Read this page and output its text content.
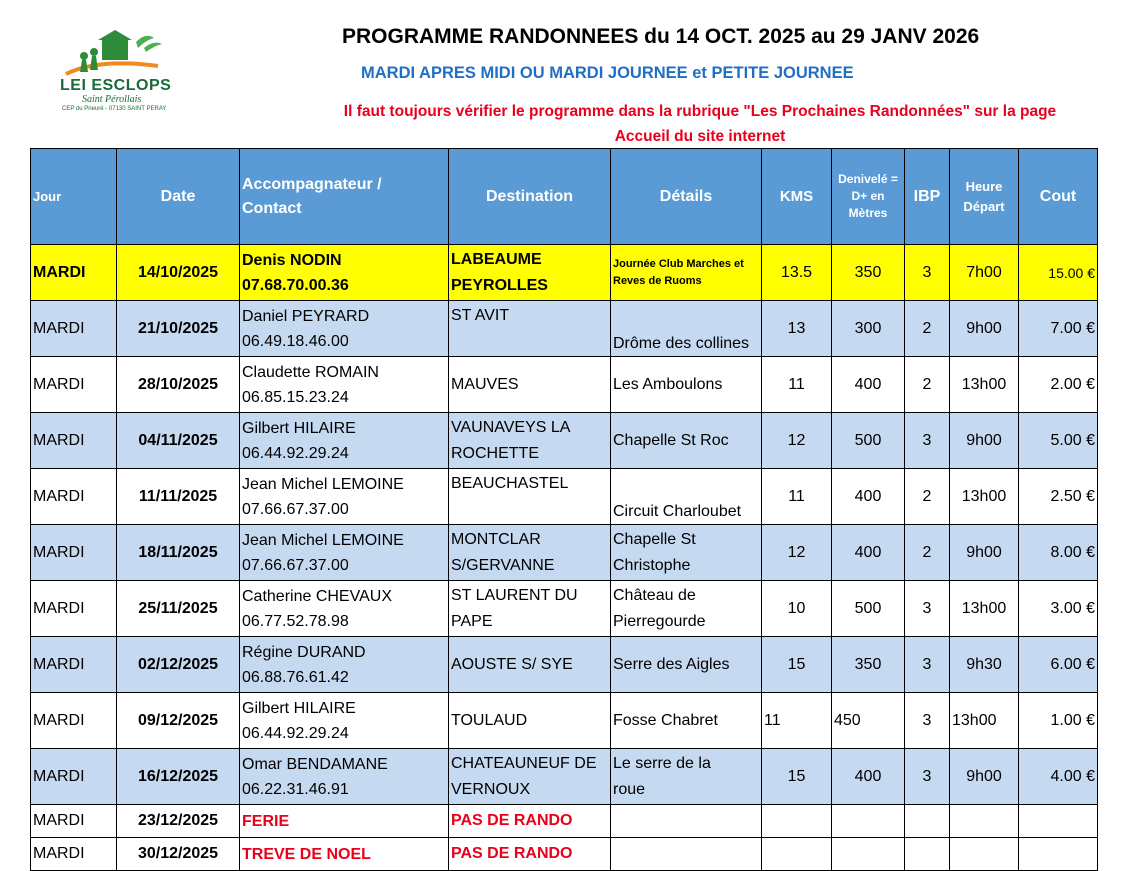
LEI ESCLOPS
Saint Pérollais
CEP du Prieuré - 07130 SAINT PERAY
PROGRAMME RANDONNEES du 14 OCT. 2025 au 29 JANV 2026
MARDI APRES MIDI OU MARDI JOURNEE et PETITE JOURNEE
Il faut toujours vérifier le programme dans la rubrique "Les Prochaines Randonnées" sur la page
Accueil du site internet
Jour	Date	Accompagnateur /
Contact	Destination	Détails	KMS	Denivelé =
D+ en
Mètres	IBP	Heure
Départ	Cout
MARDI	14/10/2025	Denis NODIN
07.68.70.00.36	LABEAUME
PEYROLLES	Journée Club Marches et
Reves de Ruoms	13.5	350	3	7h00	15.00 €
MARDI	21/10/2025	Daniel PEYRARD
06.49.18.46.00	ST AVIT	Drôme des collines	13	300	2	9h00	7.00 €
MARDI	28/10/2025	Claudette ROMAIN
06.85.15.23.24	MAUVES	Les Amboulons	11	400	2	13h00	2.00 €
MARDI	04/11/2025	Gilbert HILAIRE
06.44.92.29.24	VAUNAVEYS LA
ROCHETTE	Chapelle St Roc	12	500	3	9h00	5.00 €
MARDI	11/11/2025	Jean Michel LEMOINE
07.66.67.37.00	BEAUCHASTEL	Circuit Charloubet	11	400	2	13h00	2.50 €
MARDI	18/11/2025	Jean Michel LEMOINE
07.66.67.37.00	MONTCLAR
S/GERVANNE	Chapelle St
Christophe	12	400	2	9h00	8.00 €
MARDI	25/11/2025	Catherine CHEVAUX
06.77.52.78.98	ST LAURENT DU
PAPE	Château de
Pierregourde	10	500	3	13h00	3.00 €
MARDI	02/12/2025	Régine DURAND
06.88.76.61.42	AOUSTE S/ SYE	Serre des Aigles	15	350	3	9h30	6.00 €
MARDI	09/12/2025	Gilbert HILAIRE
06.44.92.29.24	TOULAUD	Fosse Chabret	11	450	3	13h00	1.00 €
MARDI	16/12/2025	Omar BENDAMANE
06.22.31.46.91	CHATEAUNEUF DE
VERNOUX	Le serre de la
roue	15	400	3	9h00	4.00 €
MARDI	23/12/2025	FERIE	PAS DE RANDO						
MARDI	30/12/2025	TREVE DE NOEL	PAS DE RANDO						
